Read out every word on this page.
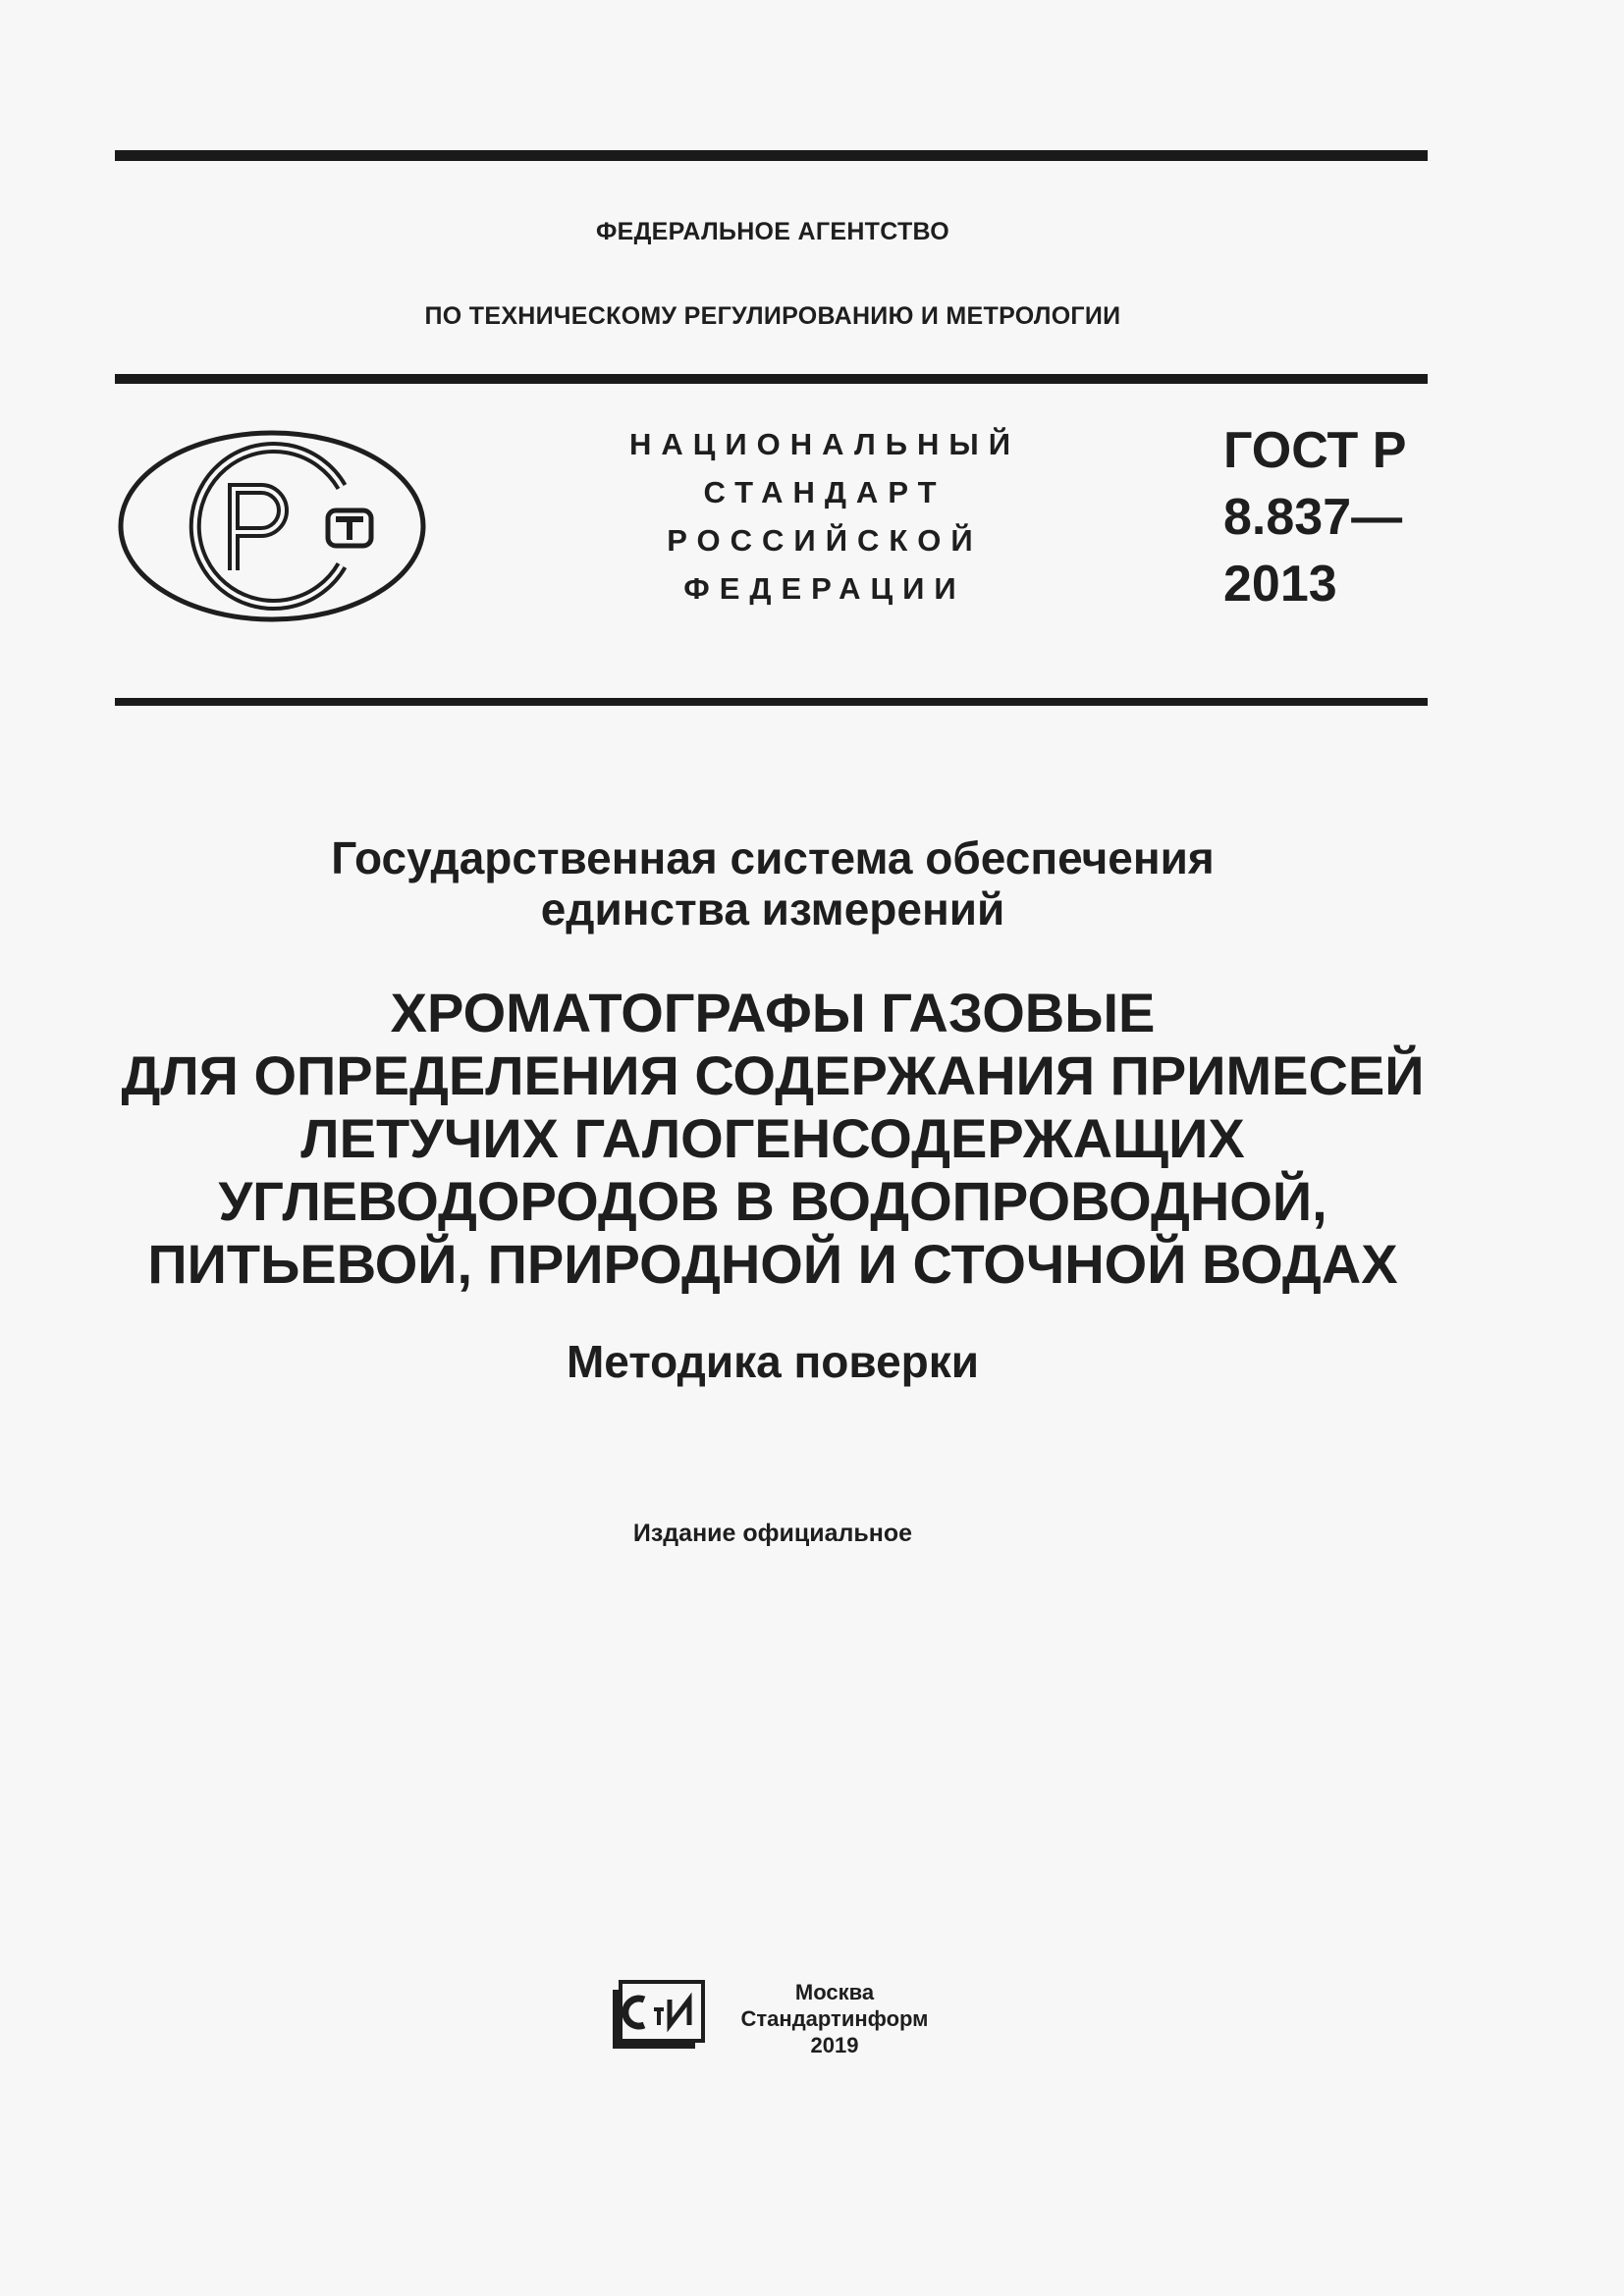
ФЕДЕРАЛЬНОЕ АГЕНТСТВО
ПО ТЕХНИЧЕСКОМУ РЕГУЛИРОВАНИЮ И МЕТРОЛОГИИ
НАЦИОНАЛЬНЫЙ
СТАНДАРТ
РОССИЙСКОЙ
ФЕДЕРАЦИИ
ГОСТ Р
8.837—
2013
Государственная система обеспечения
единства измерений
ХРОМАТОГРАФЫ ГАЗОВЫЕ
ДЛЯ ОПРЕДЕЛЕНИЯ СОДЕРЖАНИЯ ПРИМЕСЕЙ
ЛЕТУЧИХ ГАЛОГЕНСОДЕРЖАЩИХ
УГЛЕВОДОРОДОВ В ВОДОПРОВОДНОЙ,
ПИТЬЕВОЙ, ПРИРОДНОЙ И СТОЧНОЙ ВОДАХ
Методика поверки
Издание официальное
Москва
Стандартинформ
2019
